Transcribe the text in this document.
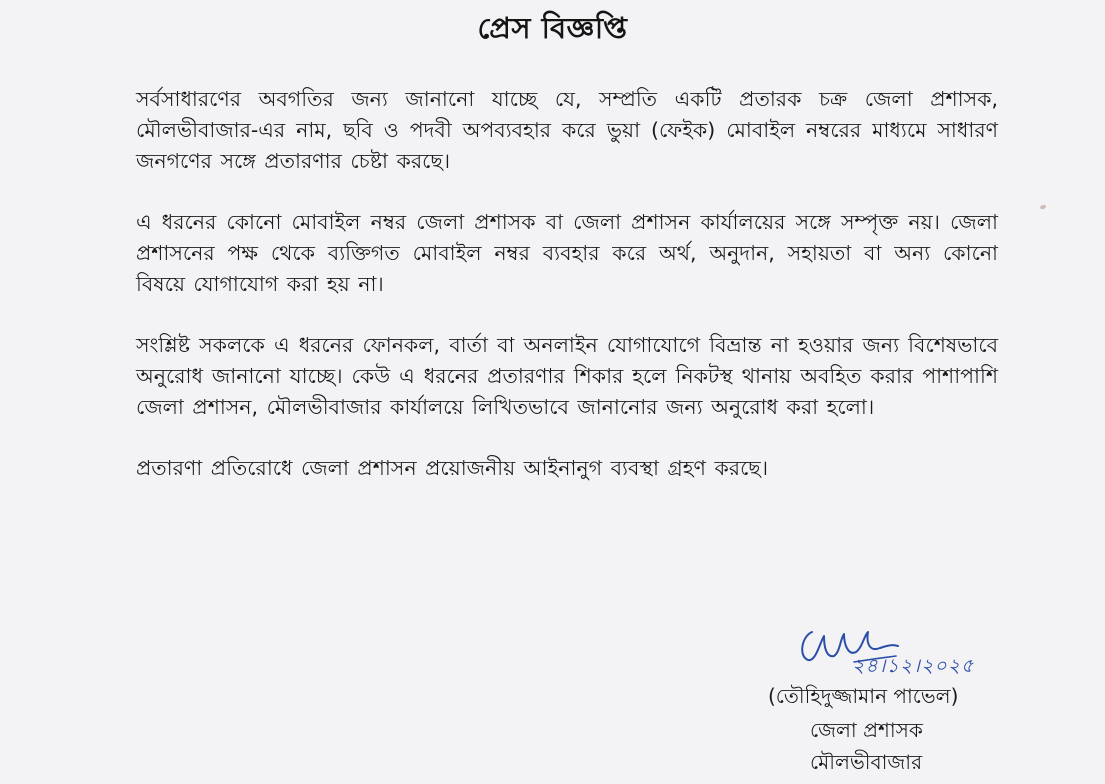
প্রেস বিজ্ঞপ্তি

সর্বসাধারণের অবগতির জন্য জানানো যাচ্ছে যে, সম্প্রতি একটি প্রতারক চক্র জেলা প্রশাসক, মৌলভীবাজার-এর নাম, ছবি ও পদবী অপব্যবহার করে ভুয়া (ফেইক) মোবাইল নম্বরের মাধ্যমে সাধারণ জনগণের সঙ্গে প্রতারণার চেষ্টা করছে।

এ ধরনের কোনো মোবাইল নম্বর জেলা প্রশাসক বা জেলা প্রশাসন কার্যালয়ের সঙ্গে সম্পৃক্ত নয়। জেলা প্রশাসনের পক্ষ থেকে ব্যক্তিগত মোবাইল নম্বর ব্যবহার করে অর্থ, অনুদান, সহায়তা বা অন্য কোনো বিষয়ে যোগাযোগ করা হয় না।

সংশ্লিষ্ট সকলকে এ ধরনের ফোনকল, বার্তা বা অনলাইন যোগাযোগে বিভ্রান্ত না হওয়ার জন্য বিশেষভাবে অনুরোধ জানানো যাচ্ছে। কেউ এ ধরনের প্রতারণার শিকার হলে নিকটস্থ থানায় অবহিত করার পাশাপাশি জেলা প্রশাসন, মৌলভীবাজার কার্যালয়ে লিখিতভাবে জানানোর জন্য অনুরোধ করা হলো।

প্রতারণা প্রতিরোধে জেলা প্রশাসন প্রয়োজনীয় আইনানুগ ব্যবস্থা গ্রহণ করছে।

২৪।১২।২০২৫
(তৌহিদুজ্জামান পাভেল)
জেলা প্রশাসক
মৌলভীবাজার
